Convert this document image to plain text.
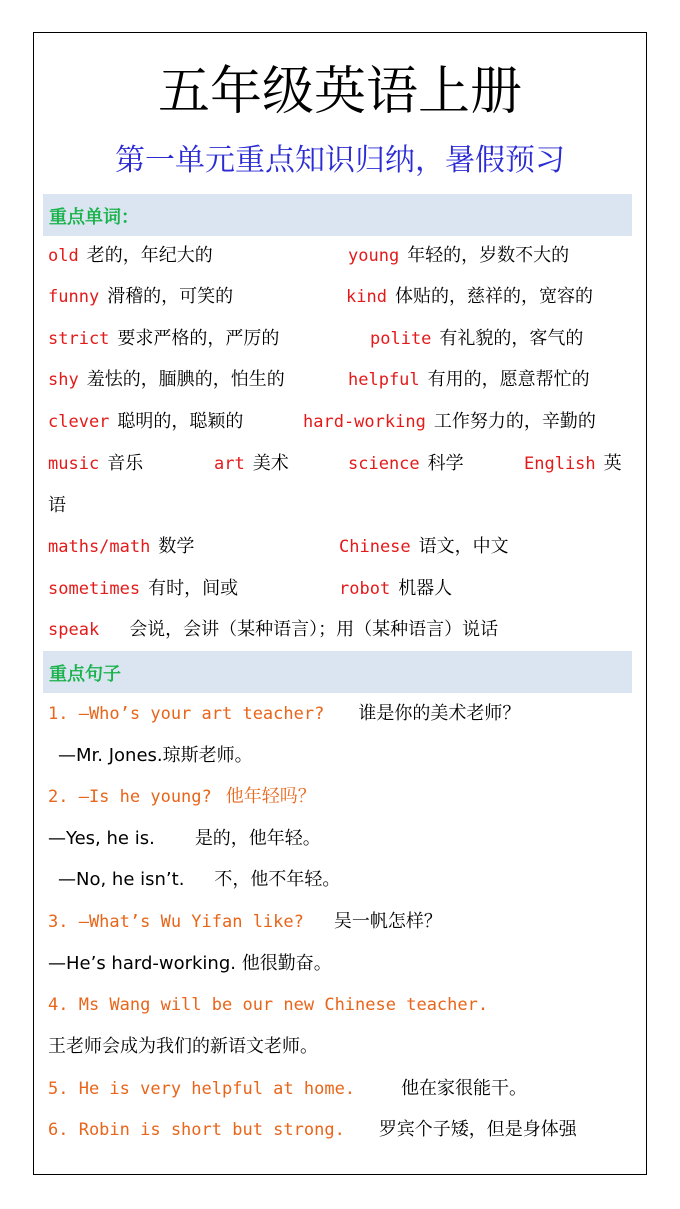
五年级英语上册
第一单元重点知识归纳，暑假预习
重点单词：
old 老的，年纪大的	young 年轻的，岁数不大的
funny 滑稽的，可笑的	kind 体贴的，慈祥的，宽容的
strict 要求严格的，严厉的	polite 有礼貌的，客气的
shy 羞怯的，腼腆的，怕生的	helpful 有用的，愿意帮忙的
clever 聪明的，聪颖的	hard-working 工作努力的，辛勤的
music 音乐	art 美术	science 科学	English 英
语
maths/math 数学	Chinese 语文，中文
sometimes 有时，间或	robot 机器人
speak 会说，会讲（某种语言）；用（某种语言）说话
重点句子
1. —Who’s your art teacher? 谁是你的美术老师？
—Mr. Jones.琼斯老师。
2. —Is he young? 他年轻吗？
—Yes, he is. 是的，他年轻。
—No, he isn’t. 不，他不年轻。
3. —What’s Wu Yifan like? 吴一帆怎样？
—He’s hard-working. 他很勤奋。
4. Ms Wang will be our new Chinese teacher.
王老师会成为我们的新语文老师。
5. He is very helpful at home.	他在家很能干。
6. Robin is short but strong. 罗宾个子矮，但是身体强
